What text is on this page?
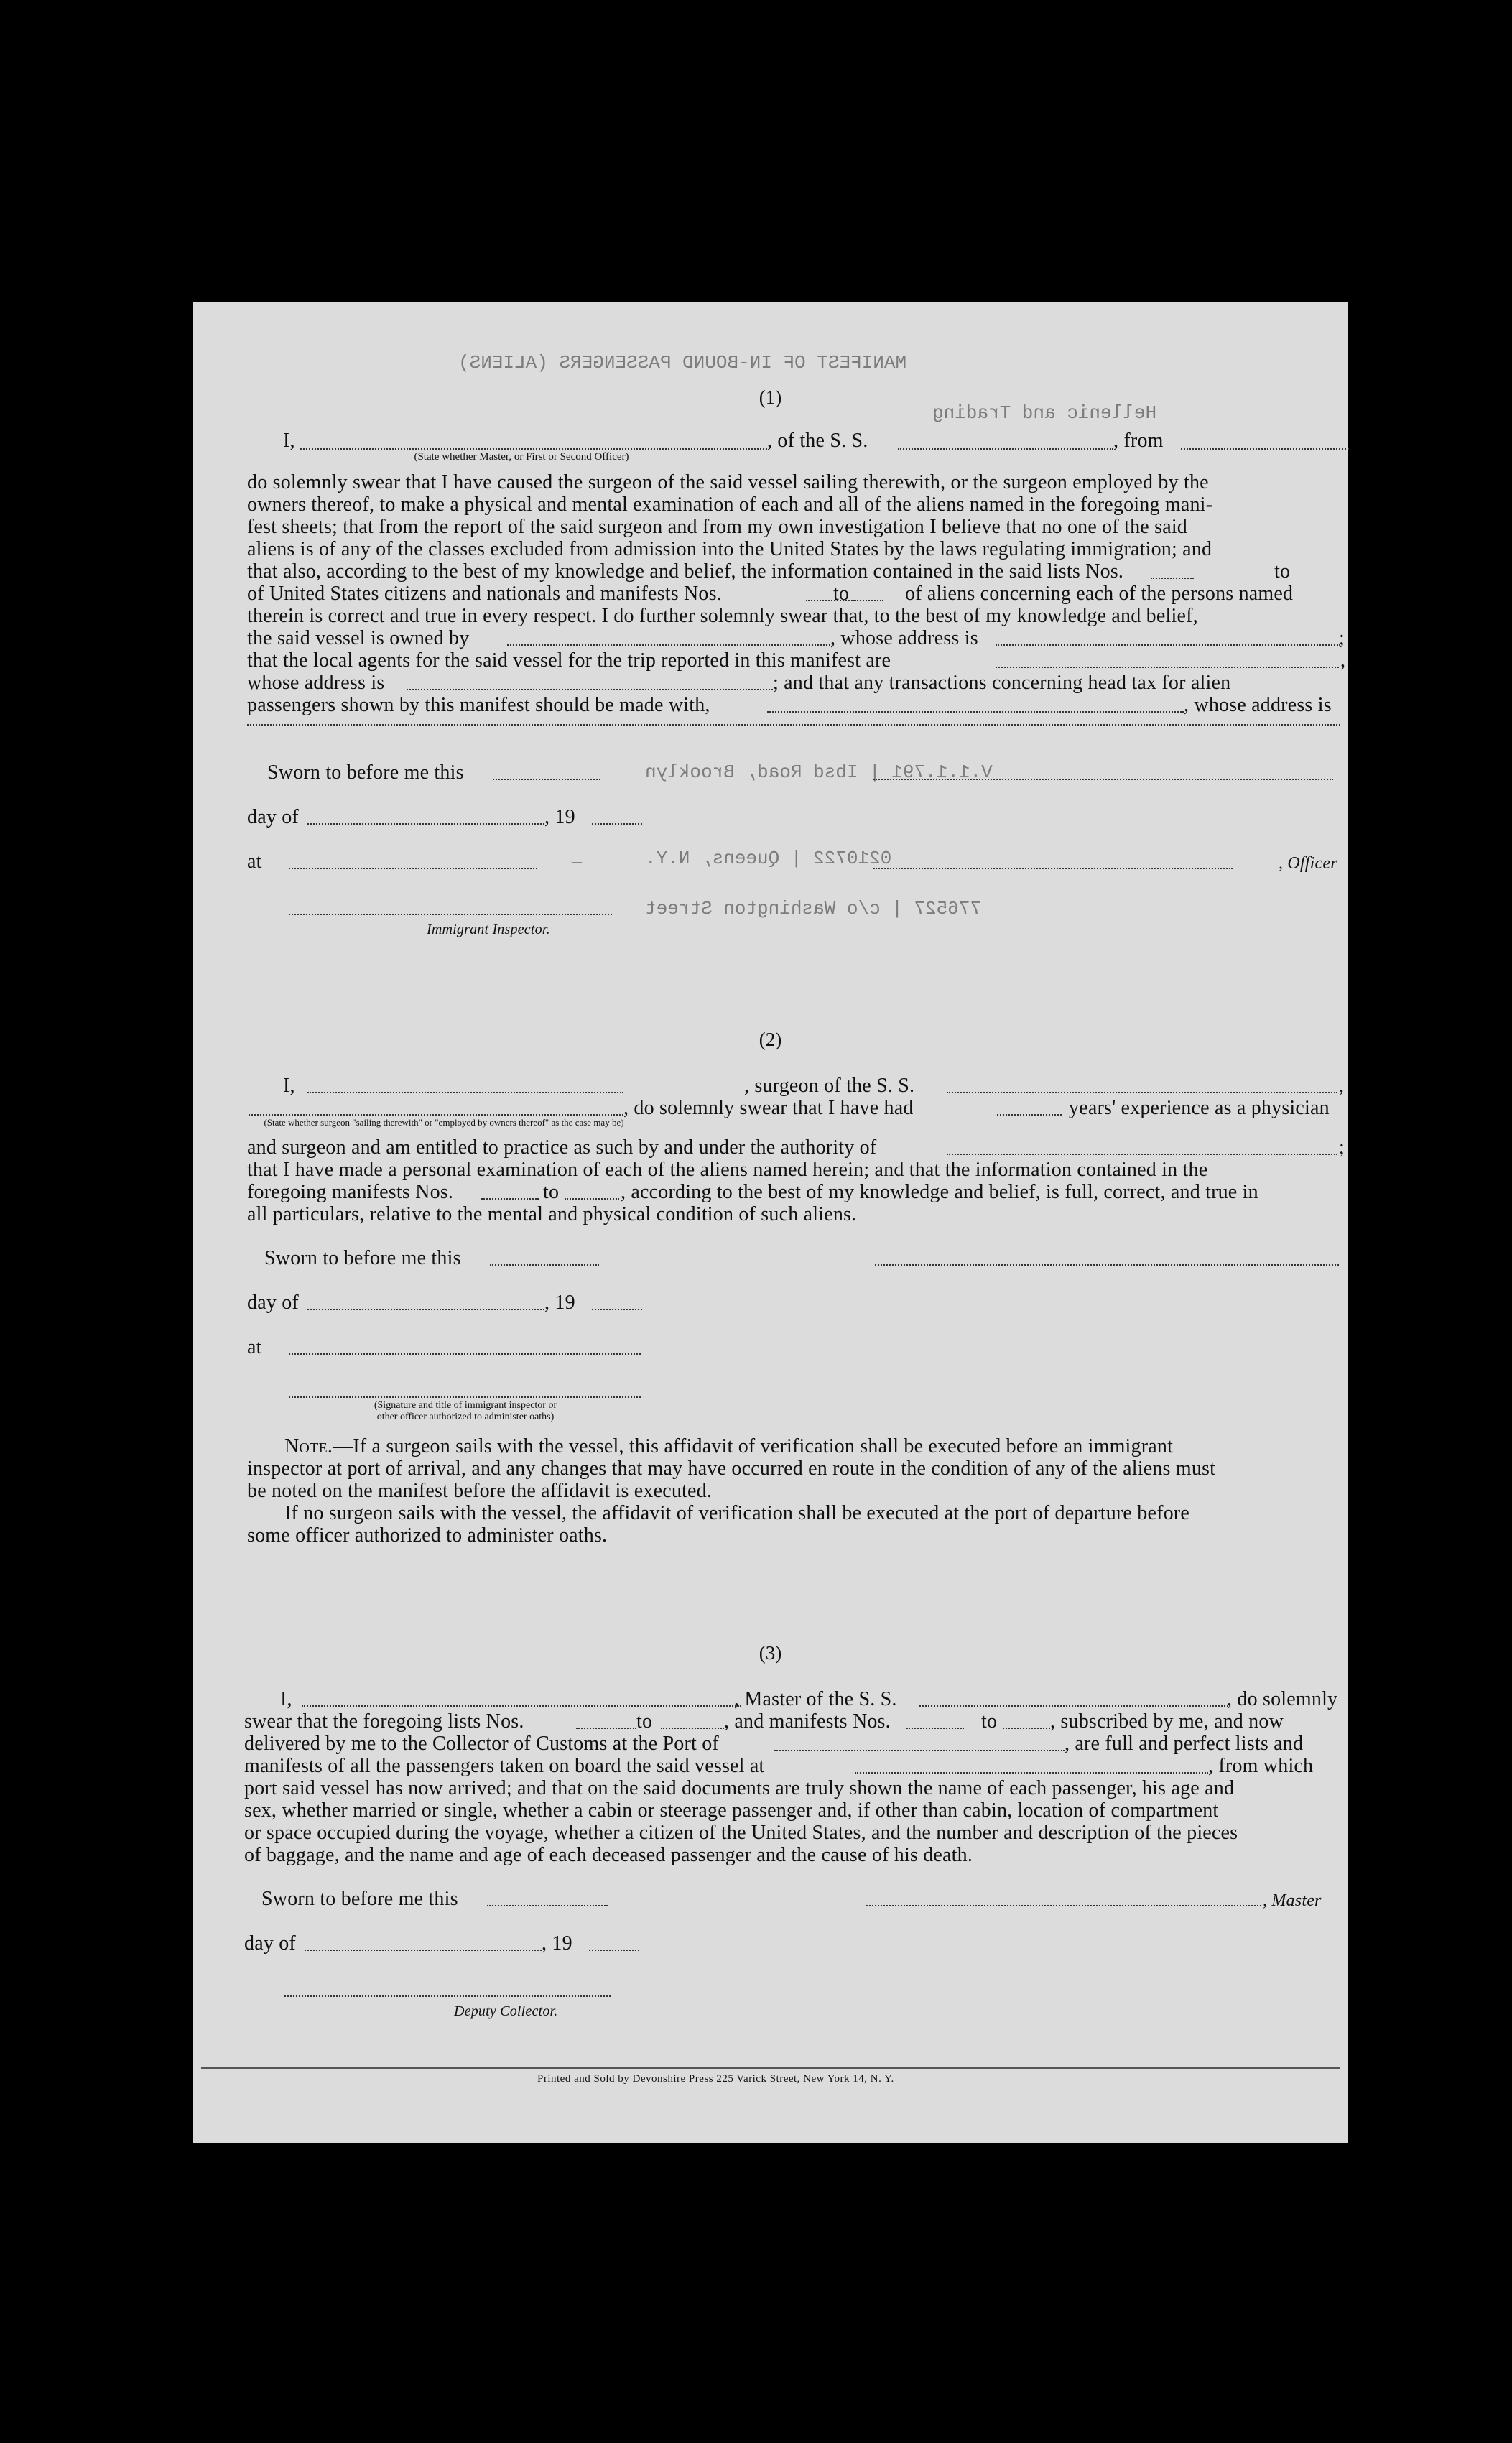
MANIFEST OF IN-BOUND PASSENGERS (ALIENS)
Hellenic and Trading
V.1.1.791 | Ibsd Road, Brooklyn
0210722 | Queens, N.Y.
776527 | c/o Washington Street
(1)
I,	, of the S. S.	, from
(State whether Master, or First or Second Officer)
do solemnly swear that I have caused the surgeon of the said vessel sailing therewith, or the surgeon employed by the
owners thereof, to make a physical and mental examination of each and all of the aliens named in the foregoing mani-
fest sheets; that from the report of the said surgeon and from my own investigation I believe that no one of the said
aliens is of any of the classes excluded from admission into the United States by the laws regulating immigration; and
that also, according to the best of my knowledge and belief, the information contained in the said lists Nos.	to
of United States citizens and nationals and manifests Nos.	to	of aliens concerning each of the persons named
therein is correct and true in every respect. I do further solemnly swear that, to the best of my knowledge and belief,
the said vessel is owned by	, whose address is	;
that the local agents for the said vessel for the trip reported in this manifest are	,
whose address is	; and that any transactions concerning head tax for alien
passengers shown by this manifest should be made with,	, whose address is
Sworn to before me this
day of	, 19
at	–	, Officer
Immigrant Inspector.
(2)
I,
, do solemnly swear that I have had
, surgeon of the S. S.	,
years' experience as a physician
(State whether surgeon "sailing therewith" or "employed by owners thereof" as the case may be)
and surgeon and am entitled to practice as such by and under the authority of	;
that I have made a personal examination of each of the aliens named herein; and that the information contained in the
foregoing manifests Nos.	to	, according to the best of my knowledge and belief, is full, correct, and true in
all particulars, relative to the mental and physical condition of such aliens.
Sworn to before me this
day of	, 19
at
(Signature and title of immigrant inspector or
other officer authorized to administer oaths)
Note.—If a surgeon sails with the vessel, this affidavit of verification shall be executed before an immigrant
inspector at port of arrival, and any changes that may have occurred en route in the condition of any of the aliens must
be noted on the manifest before the affidavit is executed.
If no surgeon sails with the vessel, the affidavit of verification shall be executed at the port of departure before
some officer authorized to administer oaths.
(3)
I,	, Master of the S. S.	, do solemnly
swear that the foregoing lists Nos.	to	, and manifests Nos.	to	, subscribed by me, and now
delivered by me to the Collector of Customs at the Port of	, are full and perfect lists and
manifests of all the passengers taken on board the said vessel at	, from which
port said vessel has now arrived; and that on the said documents are truly shown the name of each passenger, his age and
sex, whether married or single, whether a cabin or steerage passenger and, if other than cabin, location of compartment
or space occupied during the voyage, whether a citizen of the United States, and the number and description of the pieces
of baggage, and the name and age of each deceased passenger and the cause of his death.
Sworn to before me this	, Master
day of	, 19
Deputy Collector.
Printed and Sold by Devonshire Press 225 Varick Street, New York 14, N. Y.
